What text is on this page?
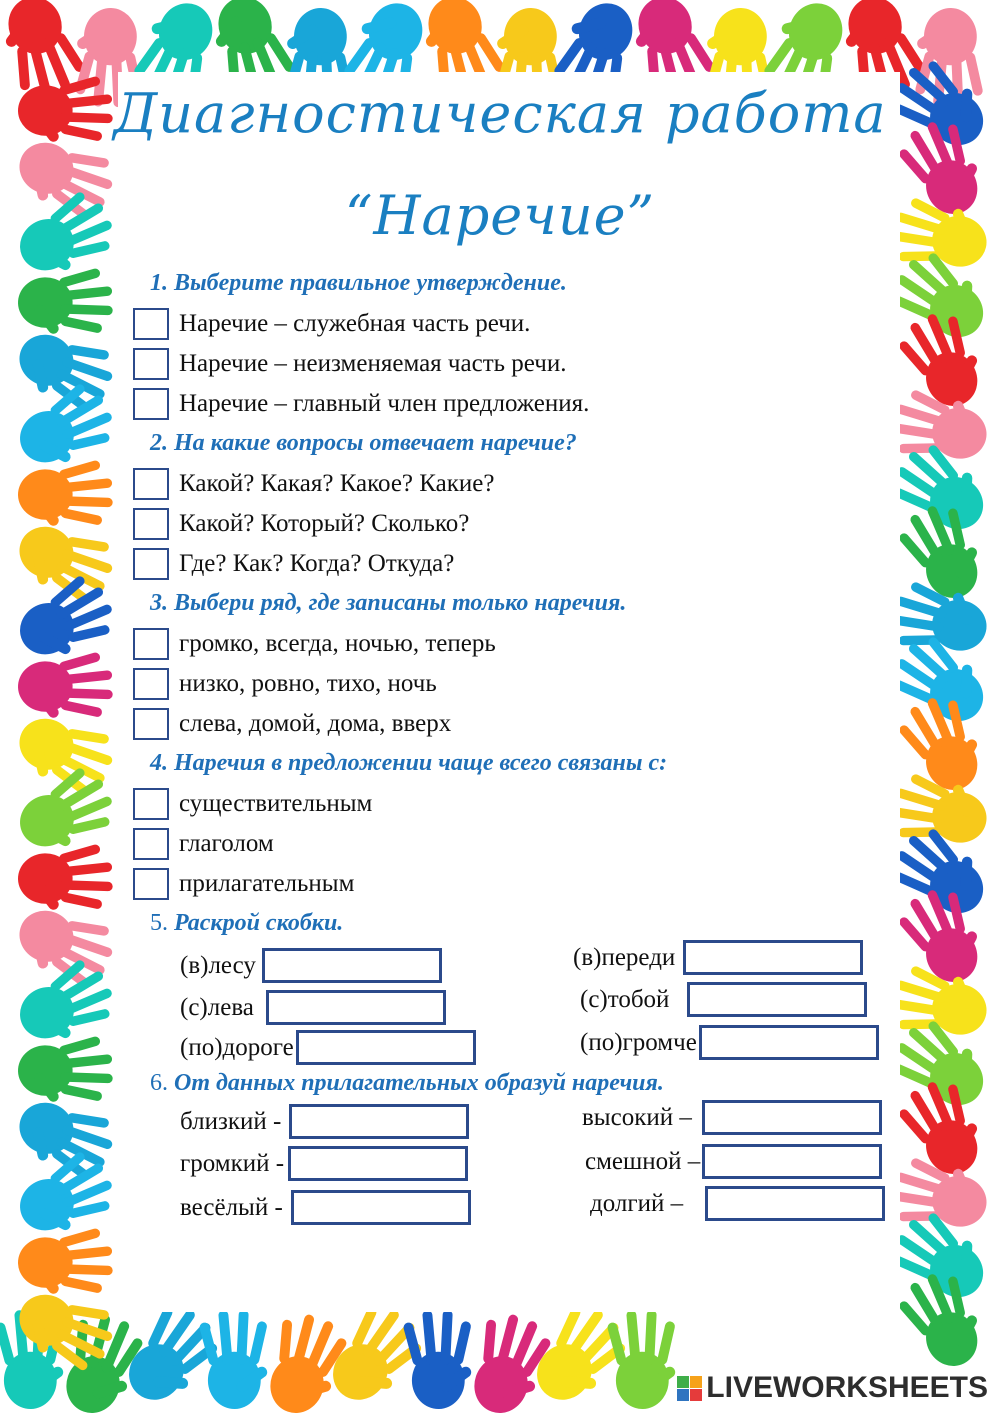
Диагностическая работа
“Наречие”
1. Выберите правильное утверждение.
Наречие – служебная часть речи.
Наречие – неизменяемая часть речи.
Наречие – главный член предложения.
2. На какие вопросы отвечает наречие?
Какой? Какая? Какое? Какие?
Какой? Который? Сколько?
Где? Как? Когда? Откуда?
3. Выбери ряд, где записаны только наречия.
громко, всегда, ночью, теперь
низко, ровно, тихо, ночь
слева, домой, дома, вверх
4. Наречия в предложении чаще всего связаны с:
существительным
глаголом
прилагательным
5. Раскрой скобки.
(в)лесу
(с)лева
(по)дороге
(в)переди
(с)тобой
(по)громче
6. От данных прилагательных образуй наречия.
близкий -
громкий -
весёлый -
высокий –
смешной –
долгий –
LIVEWORKSHEETS
